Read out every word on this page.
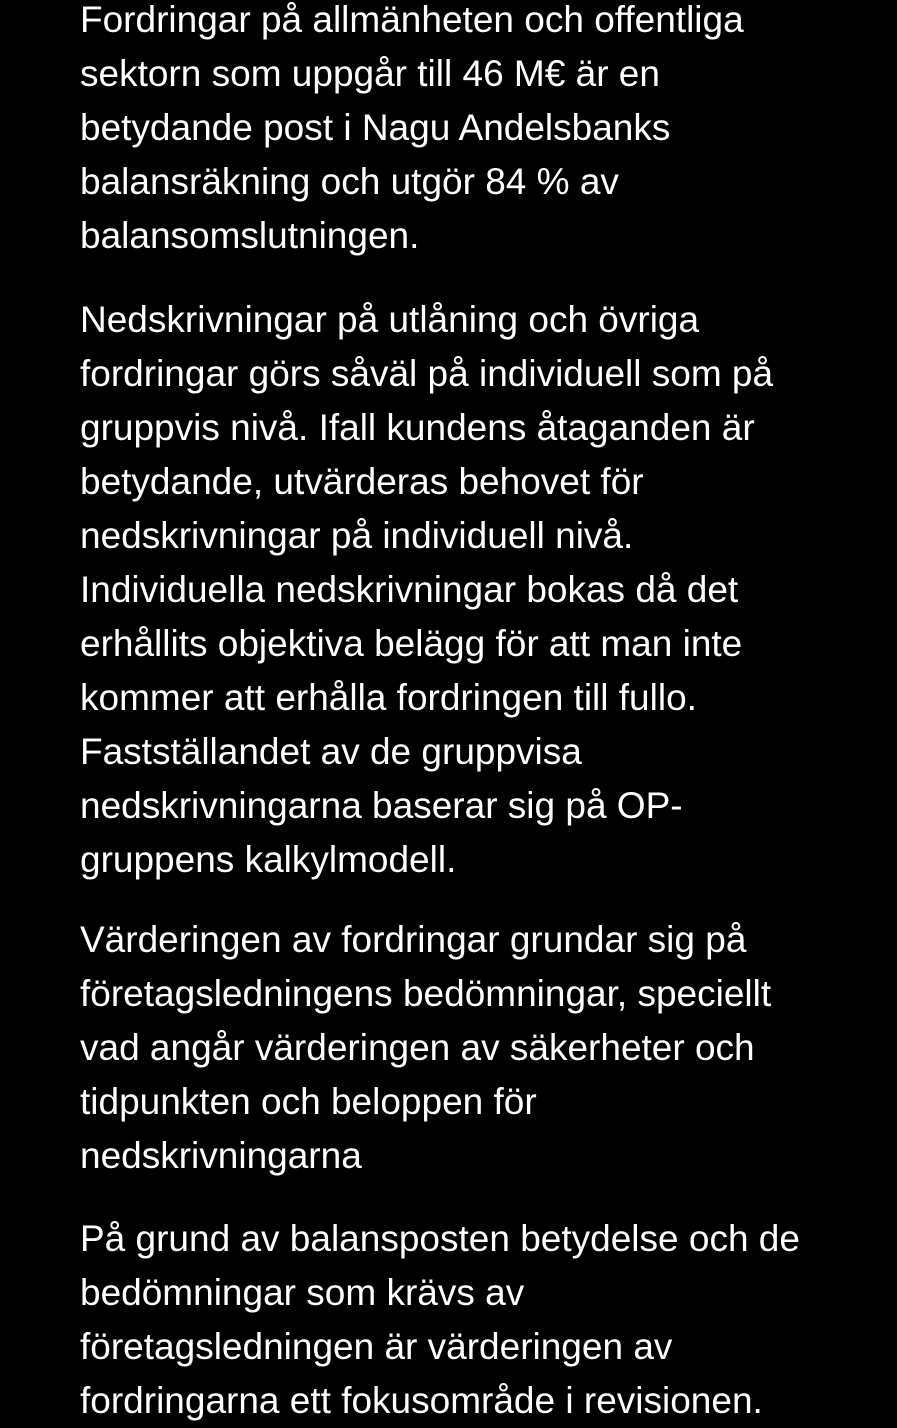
Fordringar på allmänheten och offentliga
sektorn som uppgår till 46 M€ är en
betydande post i Nagu Andelsbanks
balansräkning och utgör 84 % av
balansomslutningen.

Nedskrivningar på utlåning och övriga
fordringar görs såväl på individuell som på
gruppvis nivå. Ifall kundens åtaganden är
betydande, utvärderas behovet för
nedskrivningar på individuell nivå.
Individuella nedskrivningar bokas då det
erhållits objektiva belägg för att man inte
kommer att erhålla fordringen till fullo.
Fastställandet av de gruppvisa
nedskrivningarna baserar sig på OP-
gruppens kalkylmodell.

Värderingen av fordringar grundar sig på
företagsledningens bedömningar, speciellt
vad angår värderingen av säkerheter och
tidpunkten och beloppen för
nedskrivningarna

På grund av balansposten betydelse och de
bedömningar som krävs av
företagsledningen är värderingen av
fordringarna ett fokusområde i revisionen.
